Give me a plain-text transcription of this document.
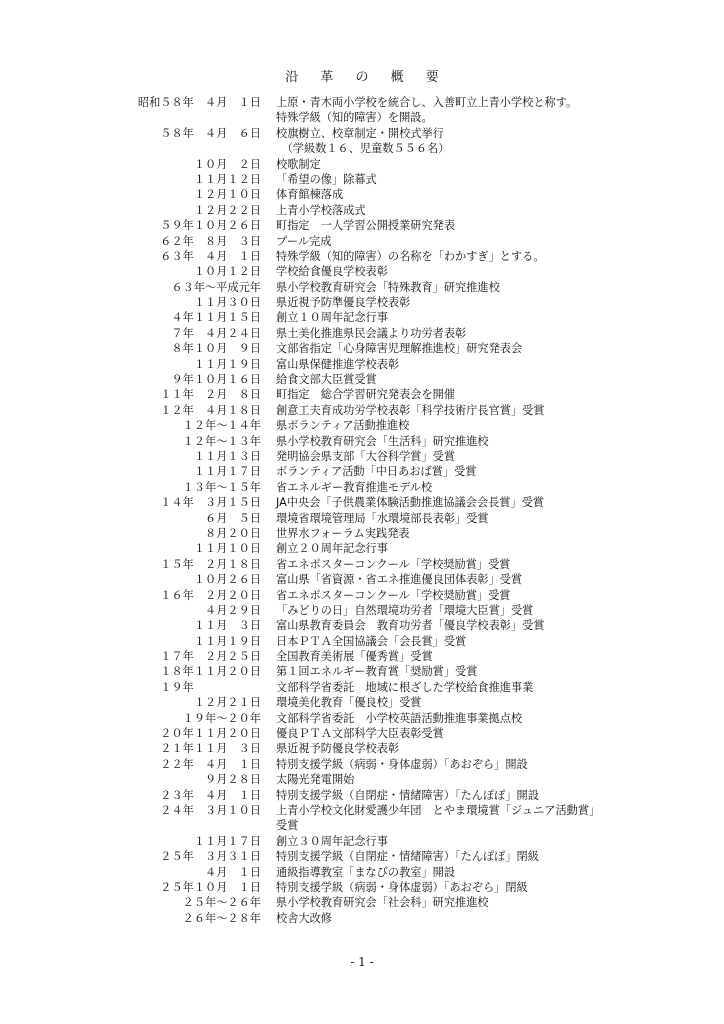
沿 革 の 概 要
昭和５８年　４月　１日	上原・青木両小学校を統合し、入善町立上青小学校と称す。
特殊学級（知的障害）を開設。
５８年　４月　６日	校旗樹立、校章制定・開校式挙行
　（学級数１６、児童数５５６名）
１０月　２日	校歌制定
１１月１２日	「希望の像」除幕式
１２月１０日	体育館棟落成
１２月２２日	上青小学校落成式
５９年１０月２６日	町指定　一人学習公開授業研究発表
６２年　８月　３日	プール完成
６３年　４月　１日	特殊学級（知的障害）の名称を「わかすぎ」とする。
１０月１２日	学校給食優良学校表彰
６３年～平成元年	県小学校教育研究会「特殊教育」研究推進校
１１月３０日	県近視予防準優良学校表彰
４年１１月１５日	創立１０周年記念行事
７年　４月２４日	県土美化推進県民会議より功労者表彰
８年１０月　９日	文部省指定「心身障害児理解推進校」研究発表会
１１月１９日	富山県保健推進学校表彰
９年１０月１６日	給食文部大臣賞受賞
１１年　２月　８日	町指定　総合学習研究発表会を開催
１２年　４月１８日	創意工夫育成功労学校表彰「科学技術庁長官賞」受賞
１２年～１４年	県ボランティア活動推進校
１２年～１３年	県小学校教育研究会「生活科」研究推進校
１１月１３日	発明協会県支部「大谷科学賞」受賞
１１月１７日	ボランティア活動「中日あおば賞」受賞
１３年～１５年	省エネルギー教育推進モデル校
１４年　３月１５日	JA中央会「子供農業体験活動推進協議会会長賞」受賞
６月　５日	環境省環境管理局「水環境部長表彰」受賞
８月２０日	世界水フォーラム実践発表
１１月１０日	創立２０周年記念行事
１５年　２月１８日	省エネポスターコンクール「学校奨励賞」受賞
１０月２６日	富山県「省資源・省エネ推進優良団体表彰」受賞
１６年　２月２０日	省エネポスターコンクール「学校奨励賞」受賞
４月２９日	「みどりの日」自然環境功労者「環境大臣賞」受賞
１１月　３日	富山県教育委員会　教育功労者「優良学校表彰」受賞
１１月１９日	日本ＰＴＡ全国協議会「会長賞」受賞
１７年　２月２５日	全国教育美術展「優秀賞」受賞
１８年１１月２０日	第１回エネルギー教育賞「奨励賞」受賞
１９年　　　　　　	文部科学省委託　地域に根ざした学校給食推進事業
１２月２１日	環境美化教育「優良校」受賞
１９年～２０年	文部科学省委託　小学校英語活動推進事業拠点校
２０年１１月２０日	優良ＰＴＡ文部科学大臣表彰受賞
２１年１１月　３日	県近視予防優良学校表彰
２２年　４月　１日	特別支援学級（病弱・身体虚弱）「あおぞら」開設
９月２８日	太陽光発電開始
２３年　４月　１日	特別支援学級（自閉症・情緒障害）「たんぽぽ」開設
２４年　３月１０日	上青小学校文化財愛護少年団　とやま環境賞「ジュニア活動賞」
受賞
１１月１７日	創立３０周年記念行事
２５年　３月３１日	特別支援学級（自閉症・情緒障害）「たんぽぽ」閉級
４月　１日	通級指導教室「まなびの教室」開設
２５年１０月　１日	特別支援学級（病弱・身体虚弱）「あおぞら」閉級
２５年～２６年	県小学校教育研究会「社会科」研究推進校
２６年～２８年	校舎大改修
- 1 -
